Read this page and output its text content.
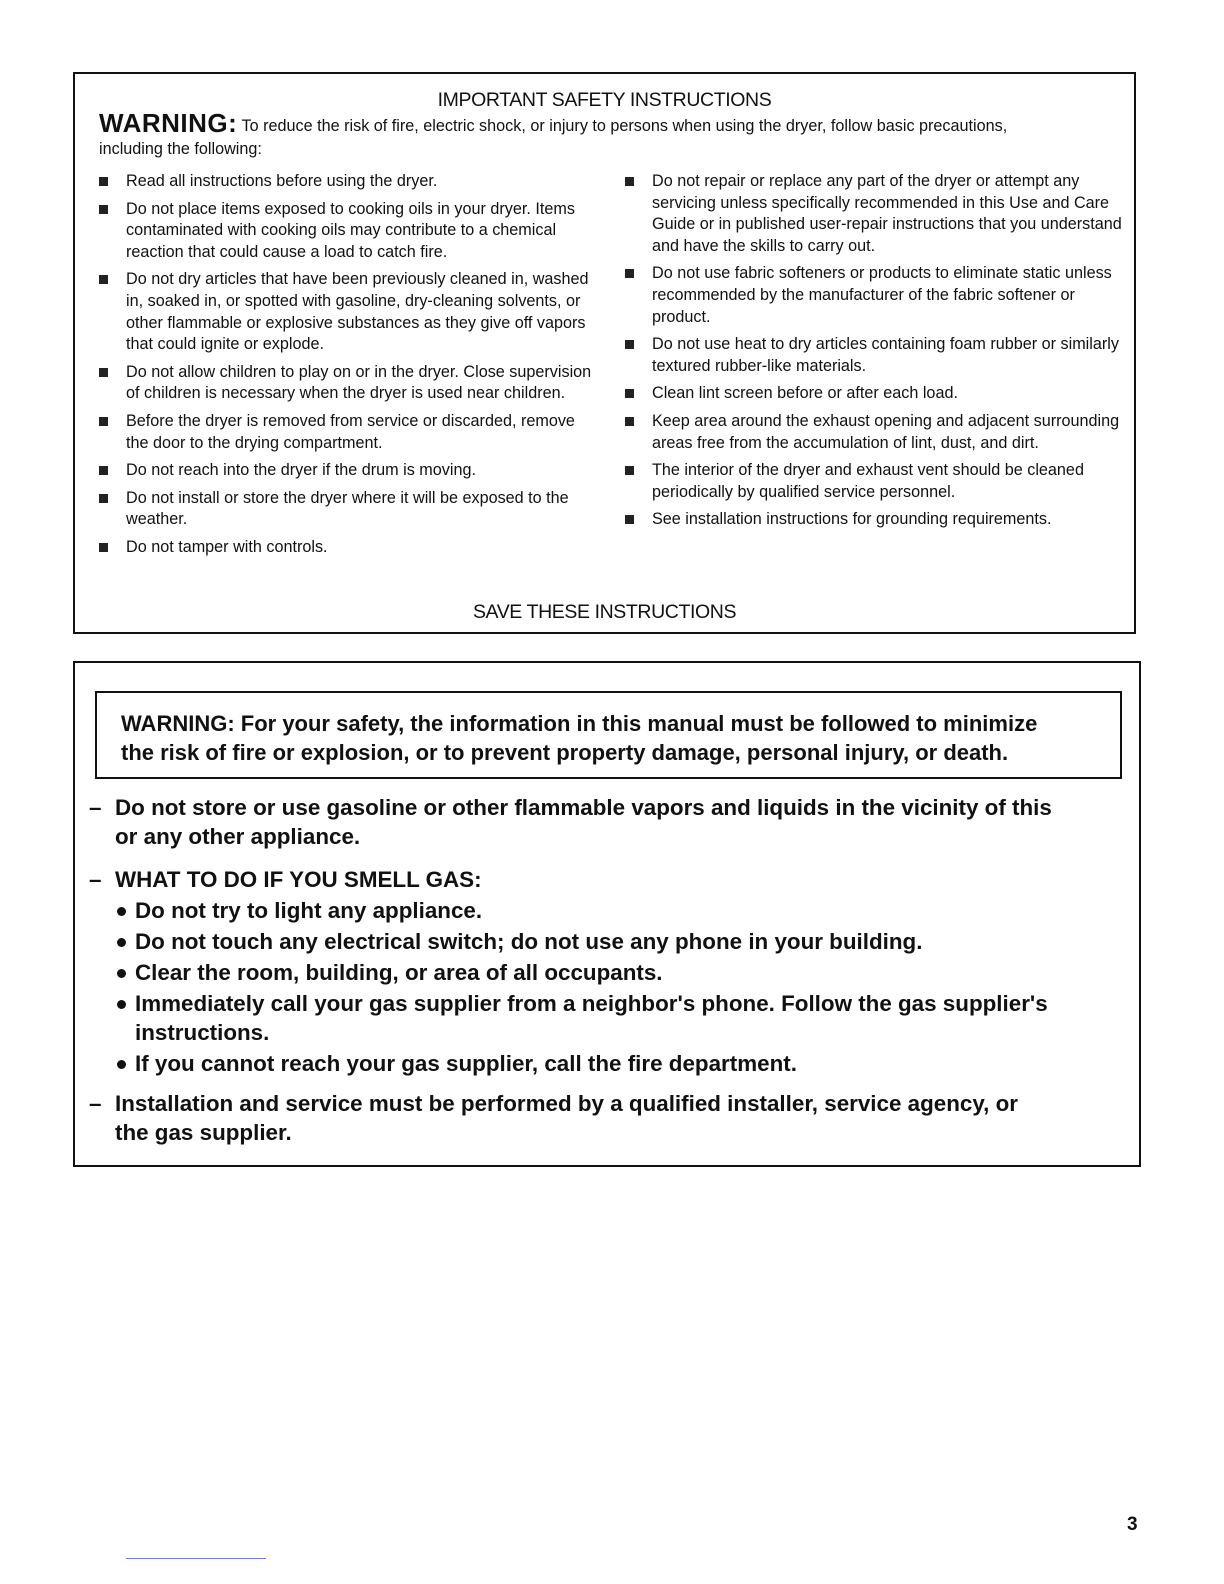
IMPORTANT SAFETY INSTRUCTIONS
WARNING: To reduce the risk of fire, electric shock, or injury to persons when using the dryer, follow basic precautions,
including the following:
Read all instructions before using the dryer.
Do not place items exposed to cooking oils in your dryer. Items contaminated with cooking oils may contribute to a chemical reaction that could cause a load to catch fire.
Do not dry articles that have been previously cleaned in, washed in, soaked in, or spotted with gasoline, dry-cleaning solvents, or other flammable or explosive substances as they give off vapors that could ignite or explode.
Do not allow children to play on or in the dryer. Close supervision of children is necessary when the dryer is used near children.
Before the dryer is removed from service or discarded, remove the door to the drying compartment.
Do not reach into the dryer if the drum is moving.
Do not install or store the dryer where it will be exposed to the weather.
Do not tamper with controls.
Do not repair or replace any part of the dryer or attempt any servicing unless specifically recommended in this Use and Care Guide or in published user-repair instructions that you understand and have the skills to carry out.
Do not use fabric softeners or products to eliminate static unless recommended by the manufacturer of the fabric softener or product.
Do not use heat to dry articles containing foam rubber or similarly textured rubber-like materials.
Clean lint screen before or after each load.
Keep area around the exhaust opening and adjacent surrounding areas free from the accumulation of lint, dust, and dirt.
The interior of the dryer and exhaust vent should be cleaned periodically by qualified service personnel.
See installation instructions for grounding requirements.
SAVE THESE INSTRUCTIONS
WARNING: For your safety, the information in this manual must be followed to minimize
the risk of fire or explosion, or to prevent property damage, personal injury, or death.
– Do not store or use gasoline or other flammable vapors and liquids in the vicinity of this
or any other appliance.
– WHAT TO DO IF YOU SMELL GAS:
Do not try to light any appliance.
Do not touch any electrical switch; do not use any phone in your building.
Clear the room, building, or area of all occupants.
Immediately call your gas supplier from a neighbor's phone. Follow the gas supplier's instructions.
If you cannot reach your gas supplier, call the fire department.
– Installation and service must be performed by a qualified installer, service agency, or
the gas supplier.
3
